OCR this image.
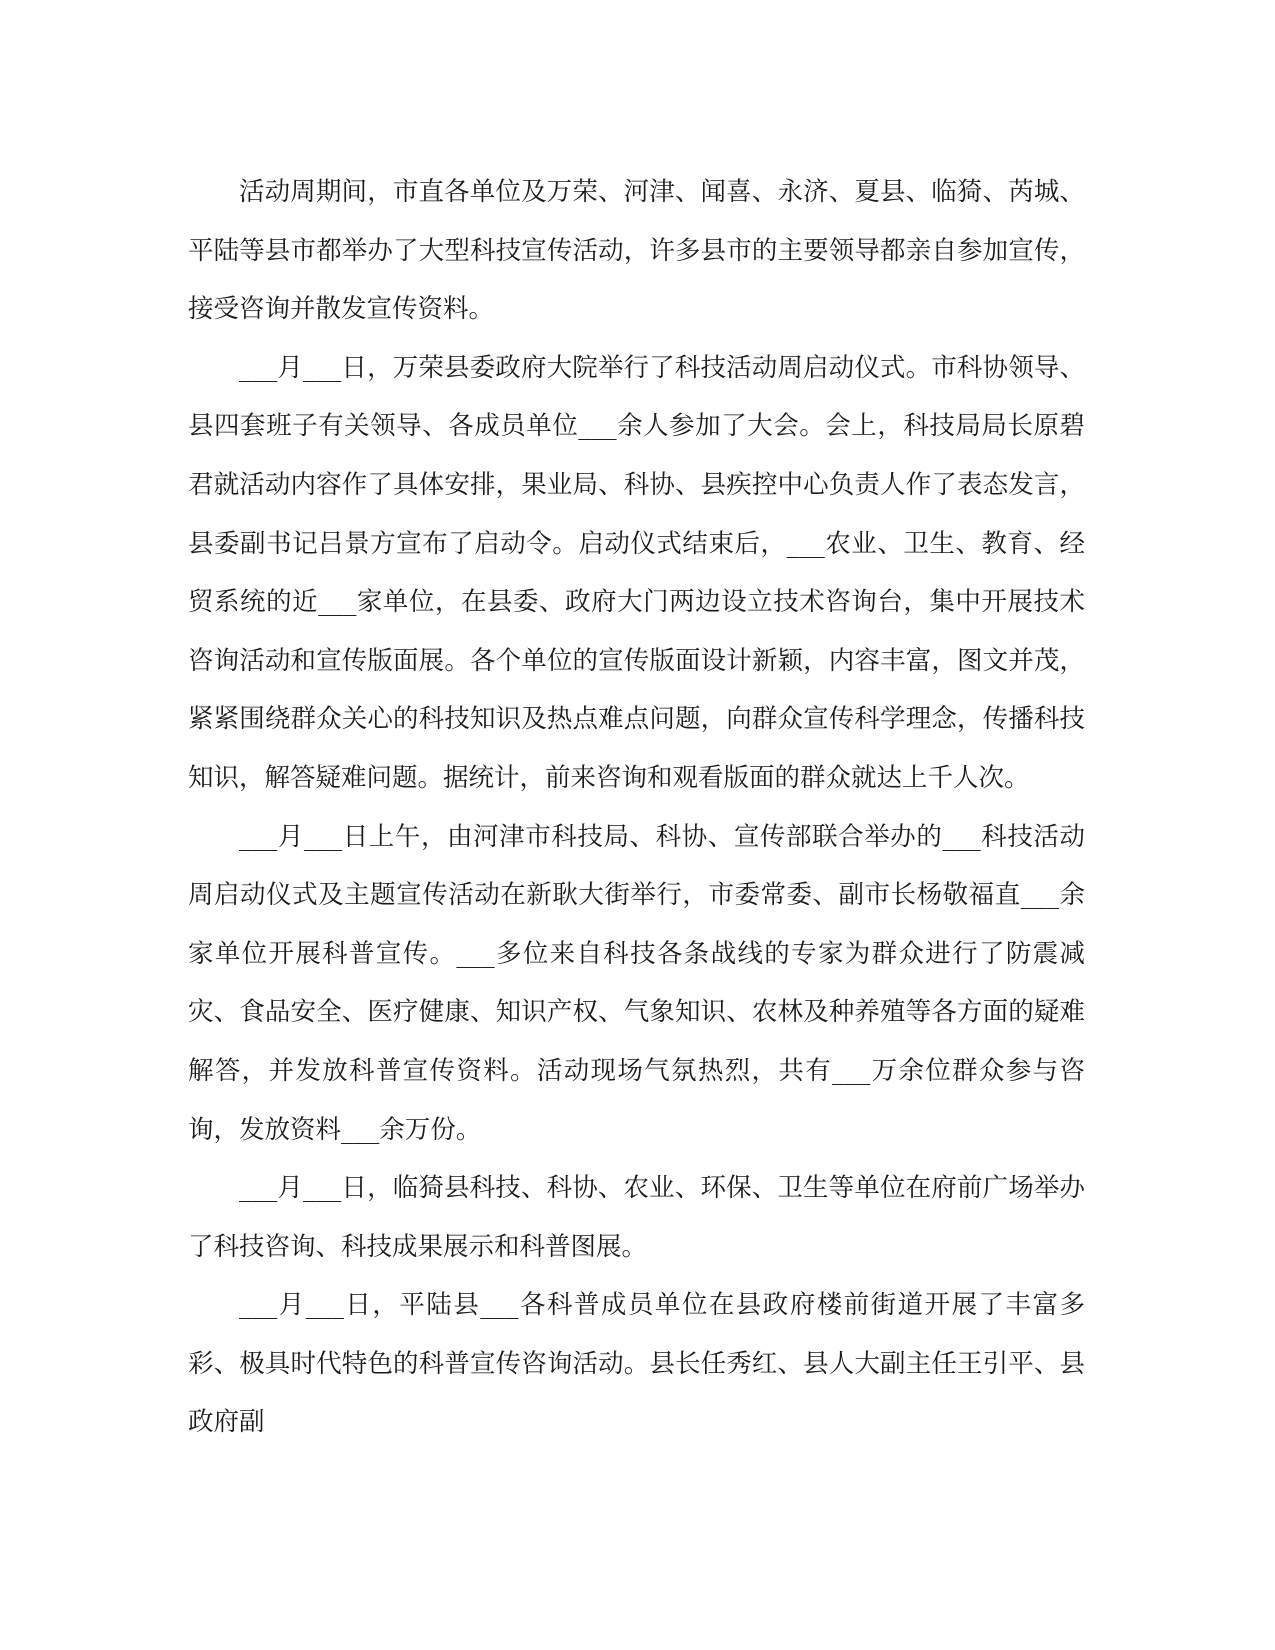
活动周期间，市直各单位及万荣、河津、闻喜、永济、夏县、临猗、芮城、平陆等县市都举办了大型科技宣传活动，许多县市的主要领导都亲自参加宣传，接受咨询并散发宣传资料。

___月___日，万荣县委政府大院举行了科技活动周启动仪式。市科协领导、县四套班子有关领导、各成员单位___余人参加了大会。会上，科技局局长原碧君就活动内容作了具体安排，果业局、科协、县疾控中心负责人作了表态发言，县委副书记吕景方宣布了启动令。启动仪式结束后，___农业、卫生、教育、经贸系统的近___家单位，在县委、政府大门两边设立技术咨询台，集中开展技术咨询活动和宣传版面展。各个单位的宣传版面设计新颖，内容丰富，图文并茂，紧紧围绕群众关心的科技知识及热点难点问题，向群众宣传科学理念，传播科技知识，解答疑难问题。据统计，前来咨询和观看版面的群众就达上千人次。

___月___日上午，由河津市科技局、科协、宣传部联合举办的___科技活动周启动仪式及主题宣传活动在新耿大街举行，市委常委、副市长杨敬福直___余家单位开展科普宣传。___多位来自科技各条战线的专家为群众进行了防震减灾、食品安全、医疗健康、知识产权、气象知识、农林及种养殖等各方面的疑难解答，并发放科普宣传资料。活动现场气氛热烈，共有___万余位群众参与咨询，发放资料___余万份。

___月___日，临猗县科技、科协、农业、环保、卫生等单位在府前广场举办了科技咨询、科技成果展示和科普图展。

___月___日，平陆县___各科普成员单位在县政府楼前街道开展了丰富多彩、极具时代特色的科普宣传咨询活动。县长任秀红、县人大副主任王引平、县政府副
